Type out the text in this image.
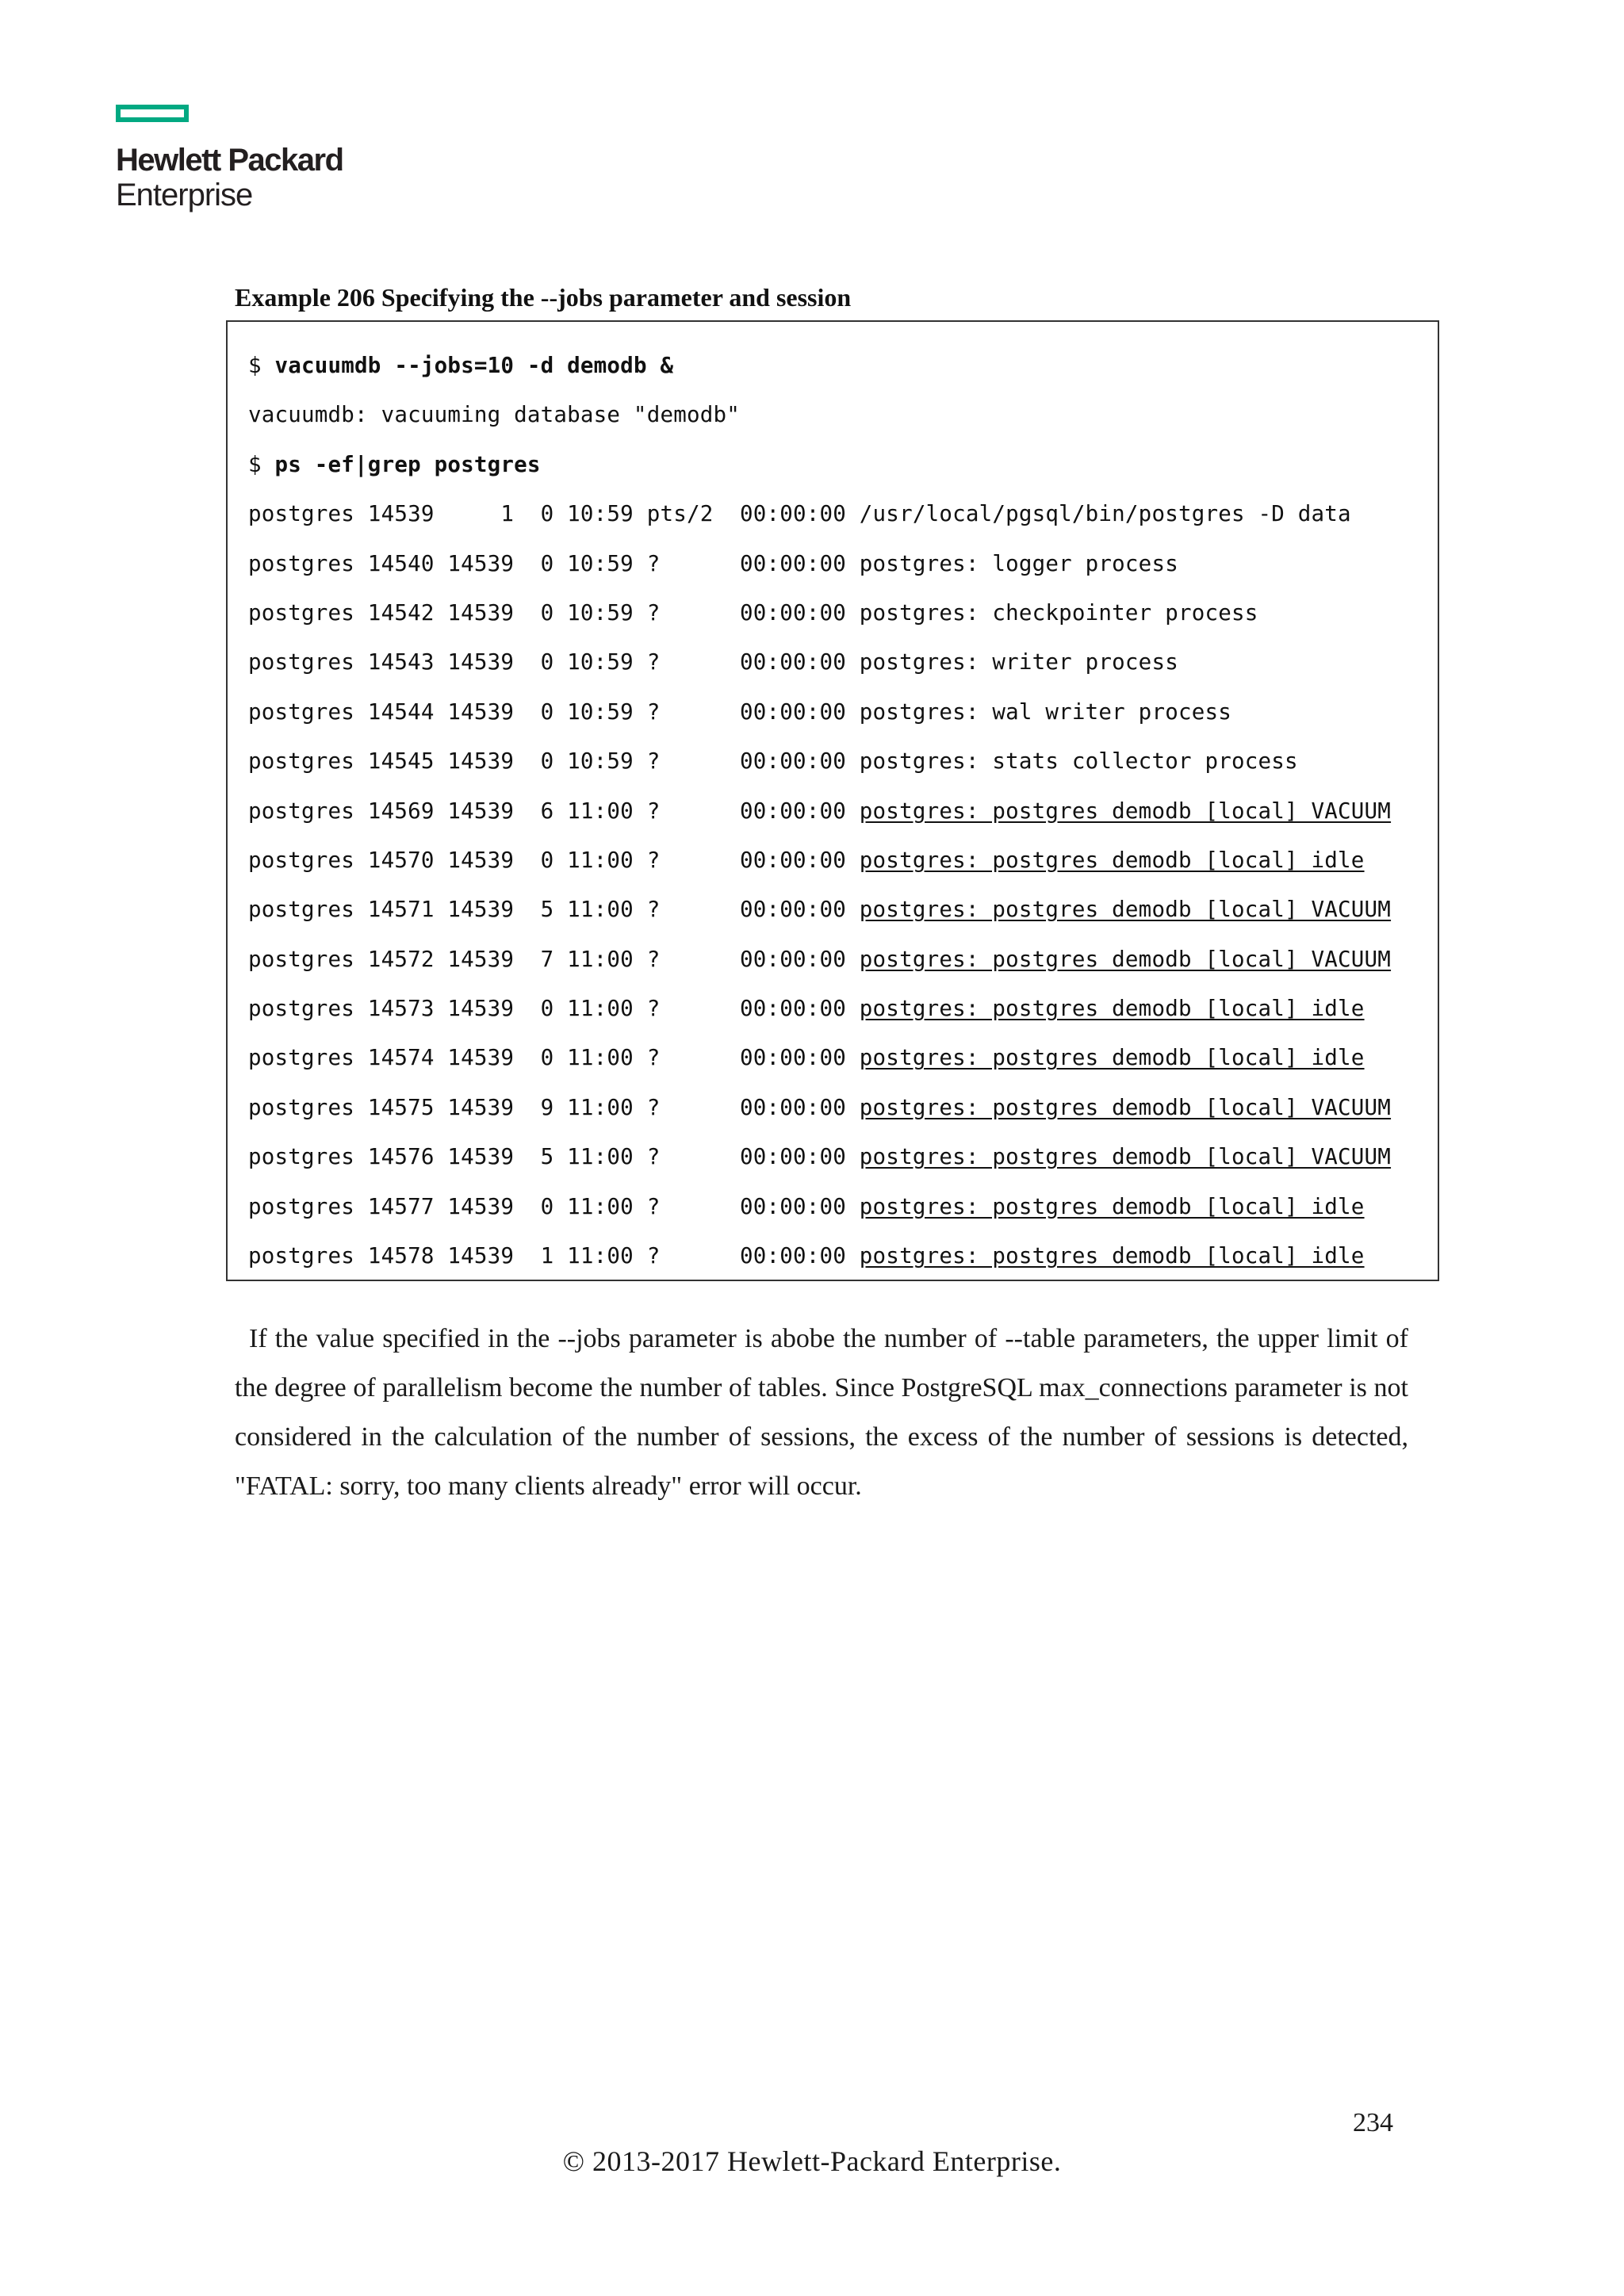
Hewlett Packard
Enterprise
Example 206 Specifying the --jobs parameter and session
$ vacuumdb --jobs=10 -d demodb &
vacuumdb: vacuuming database "demodb"
$ ps -ef|grep postgres
postgres 14539     1  0 10:59 pts/2  00:00:00 /usr/local/pgsql/bin/postgres -D data
postgres 14540 14539  0 10:59 ?      00:00:00 postgres: logger process
postgres 14542 14539  0 10:59 ?      00:00:00 postgres: checkpointer process
postgres 14543 14539  0 10:59 ?      00:00:00 postgres: writer process
postgres 14544 14539  0 10:59 ?      00:00:00 postgres: wal writer process
postgres 14545 14539  0 10:59 ?      00:00:00 postgres: stats collector process
postgres 14569 14539  6 11:00 ?      00:00:00 postgres: postgres demodb [local] VACUUM
postgres 14570 14539  0 11:00 ?      00:00:00 postgres: postgres demodb [local] idle
postgres 14571 14539  5 11:00 ?      00:00:00 postgres: postgres demodb [local] VACUUM
postgres 14572 14539  7 11:00 ?      00:00:00 postgres: postgres demodb [local] VACUUM
postgres 14573 14539  0 11:00 ?      00:00:00 postgres: postgres demodb [local] idle
postgres 14574 14539  0 11:00 ?      00:00:00 postgres: postgres demodb [local] idle
postgres 14575 14539  9 11:00 ?      00:00:00 postgres: postgres demodb [local] VACUUM
postgres 14576 14539  5 11:00 ?      00:00:00 postgres: postgres demodb [local] VACUUM
postgres 14577 14539  0 11:00 ?      00:00:00 postgres: postgres demodb [local] idle
postgres 14578 14539  1 11:00 ?      00:00:00 postgres: postgres demodb [local] idle
If the value specified in the --jobs parameter is abobe the number of --table parameters, the upper limit of the degree of parallelism become the number of tables. Since PostgreSQL max_connections parameter is not considered in the calculation of the number of sessions, the excess of the number of sessions is detected, "FATAL: sorry, too many clients already" error will occur.
234
© 2013-2017 Hewlett-Packard Enterprise.
